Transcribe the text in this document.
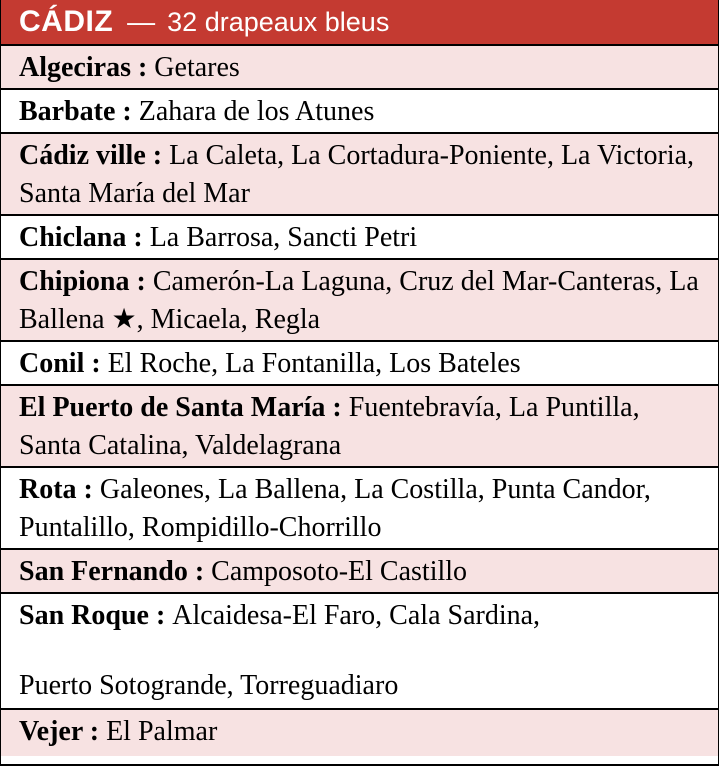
CÁDIZ — 32 drapeaux bleus
Algeciras : Getares
Barbate : Zahara de los Atunes
Cádiz ville : La Caleta, La Cortadura-Poniente, La Victoria, Santa María del Mar
Chiclana : La Barrosa, Sancti Petri
Chipiona : Camerón-La Laguna, Cruz del Mar-Canteras, La Ballena ★, Micaela, Regla
Conil : El Roche, La Fontanilla, Los Bateles
El Puerto de Santa María : Fuentebravía, La Puntilla, Santa Catalina, Valdelagrana
Rota : Galeones, La Ballena, La Costilla, Punta Candor, Puntalillo, Rompidillo-Chorrillo
San Fernando : Camposoto-El Castillo
San Roque : Alcaidesa-El Faro, Cala Sardina,
Puerto Sotogrande, Torreguadiaro
Vejer : El Palmar
